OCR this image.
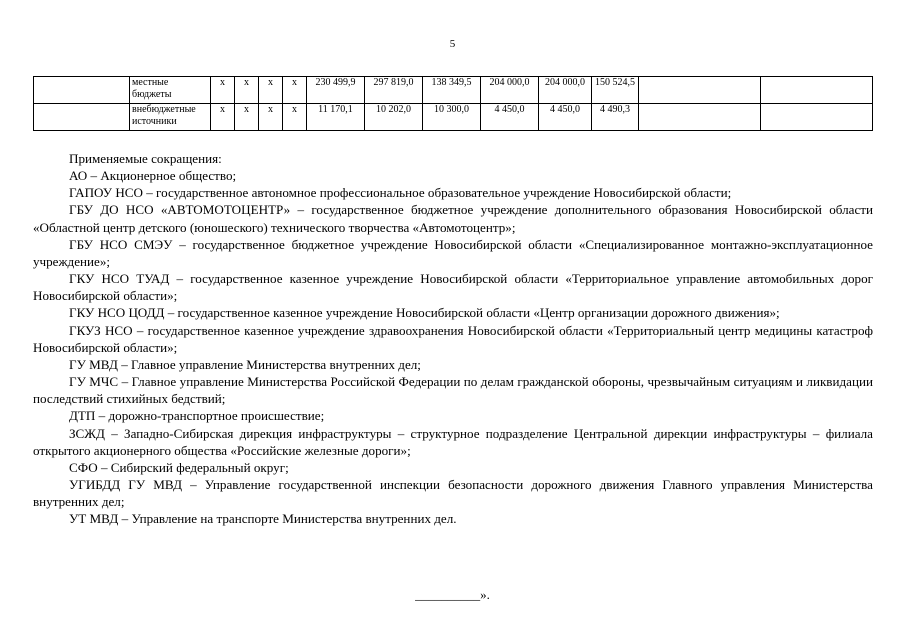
5
	местные бюджеты	x	x	x	x	230 499,9	297 819,0	138 349,5	204 000,0	204 000,0	150 524,5		
	внебюджетные источники	x	x	x	x	11 170,1	10 202,0	10 300,0	4 450,0	4 450,0	4 490,3		

Применяемые сокращения:

АО – Акционерное общество;

ГАПОУ НСО – государственное автономное профессиональное образовательное учреждение Новосибирской области;

ГБУ ДО НСО «АВТОМОТОЦЕНТР» – государственное бюджетное учреждение дополнительного образования Новосибирской области «Областной центр детского (юношеского) технического творчества «Автомотоцентр»;

ГБУ НСО СМЭУ – государственное бюджетное учреждение Новосибирской области «Специализированное монтажно-эксплуатационное учреждение»;

ГКУ НСО ТУАД – государственное казенное учреждение Новосибирской области «Территориальное управление автомобильных дорог Новосибирской области»;

ГКУ НСО ЦОДД – государственное казенное учреждение Новосибирской области «Центр организации дорожного движения»;

ГКУЗ НСО – государственное казенное учреждение здравоохранения Новосибирской области «Территориальный центр медицины катастроф Новосибирской области»;

ГУ МВД – Главное управление Министерства внутренних дел;

ГУ МЧС – Главное управление Министерства Российской Федерации по делам гражданской обороны, чрезвычайным ситуациям и ликвидации последствий стихийных бедствий;

ДТП – дорожно-транспортное происшествие;

ЗСЖД – Западно-Сибирская дирекция инфраструктуры – структурное подразделение Центральной дирекции инфраструктуры – филиала открытого акционерного общества «Российские железные дороги»;

СФО – Сибирский федеральный округ;

УГИБДД ГУ МВД – Управление государственной инспекции безопасности дорожного движения Главного управления Министерства внутренних дел;

УТ МВД – Управление на транспорте Министерства внутренних дел.

__________».
